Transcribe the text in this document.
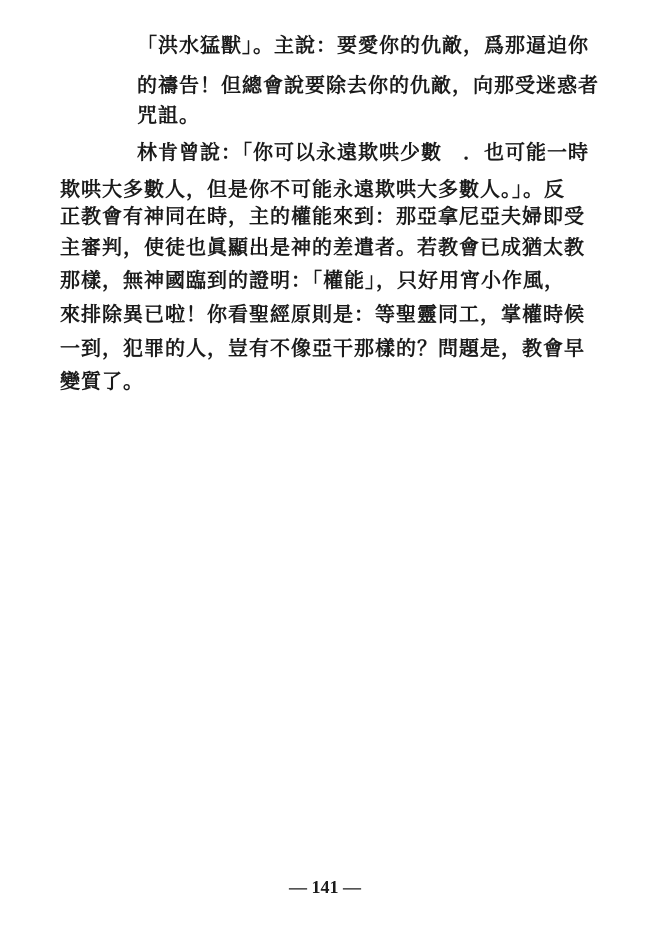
「洪水猛獸」。主說：要愛你的仇敵，爲那逼迫你
的禱告！但總會說要除去你的仇敵，向那受迷惑者
咒詛。
林肯曾說：「你可以永遠欺哄少數　．也可能一時
欺哄大多數人，但是你不可能永遠欺哄大多數人。」。反
正教會有神同在時，主的權能來到：那亞拿尼亞夫婦即受
主審判，使徒也眞顯出是神的差遣者。若教會已成猶太教
那樣，無神國臨到的證明：「權能」，只好用宵小作風，
來排除異已啦！你看聖經原則是：等聖靈同工，掌權時候
一到，犯罪的人，豈有不像亞干那樣的？問題是，教會早
變質了。
— 141 —
